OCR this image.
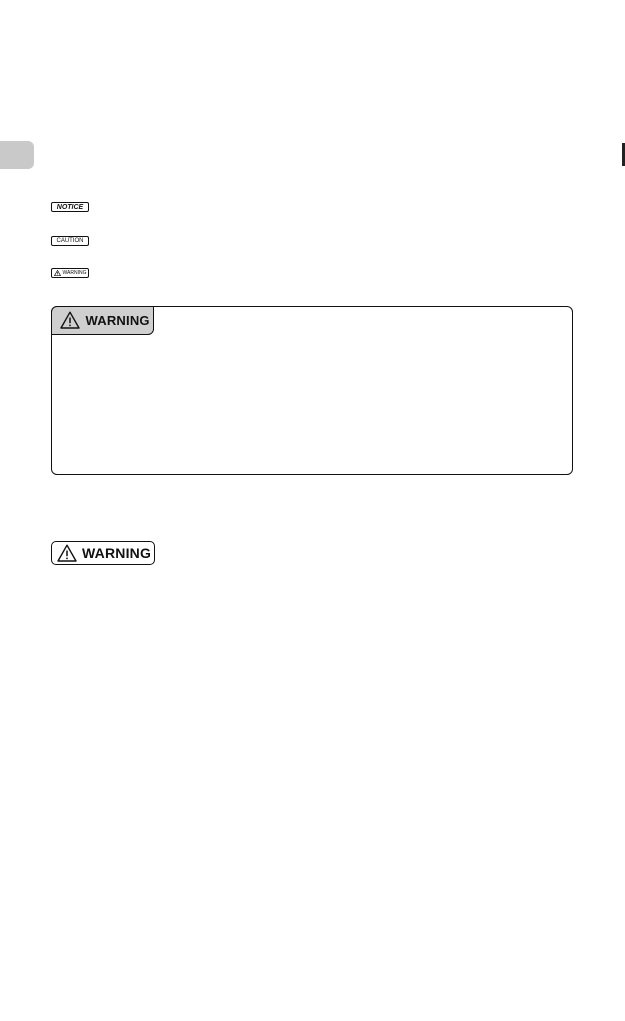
NOTICE
CAUTION
WARNING
WARNING
WARNING
